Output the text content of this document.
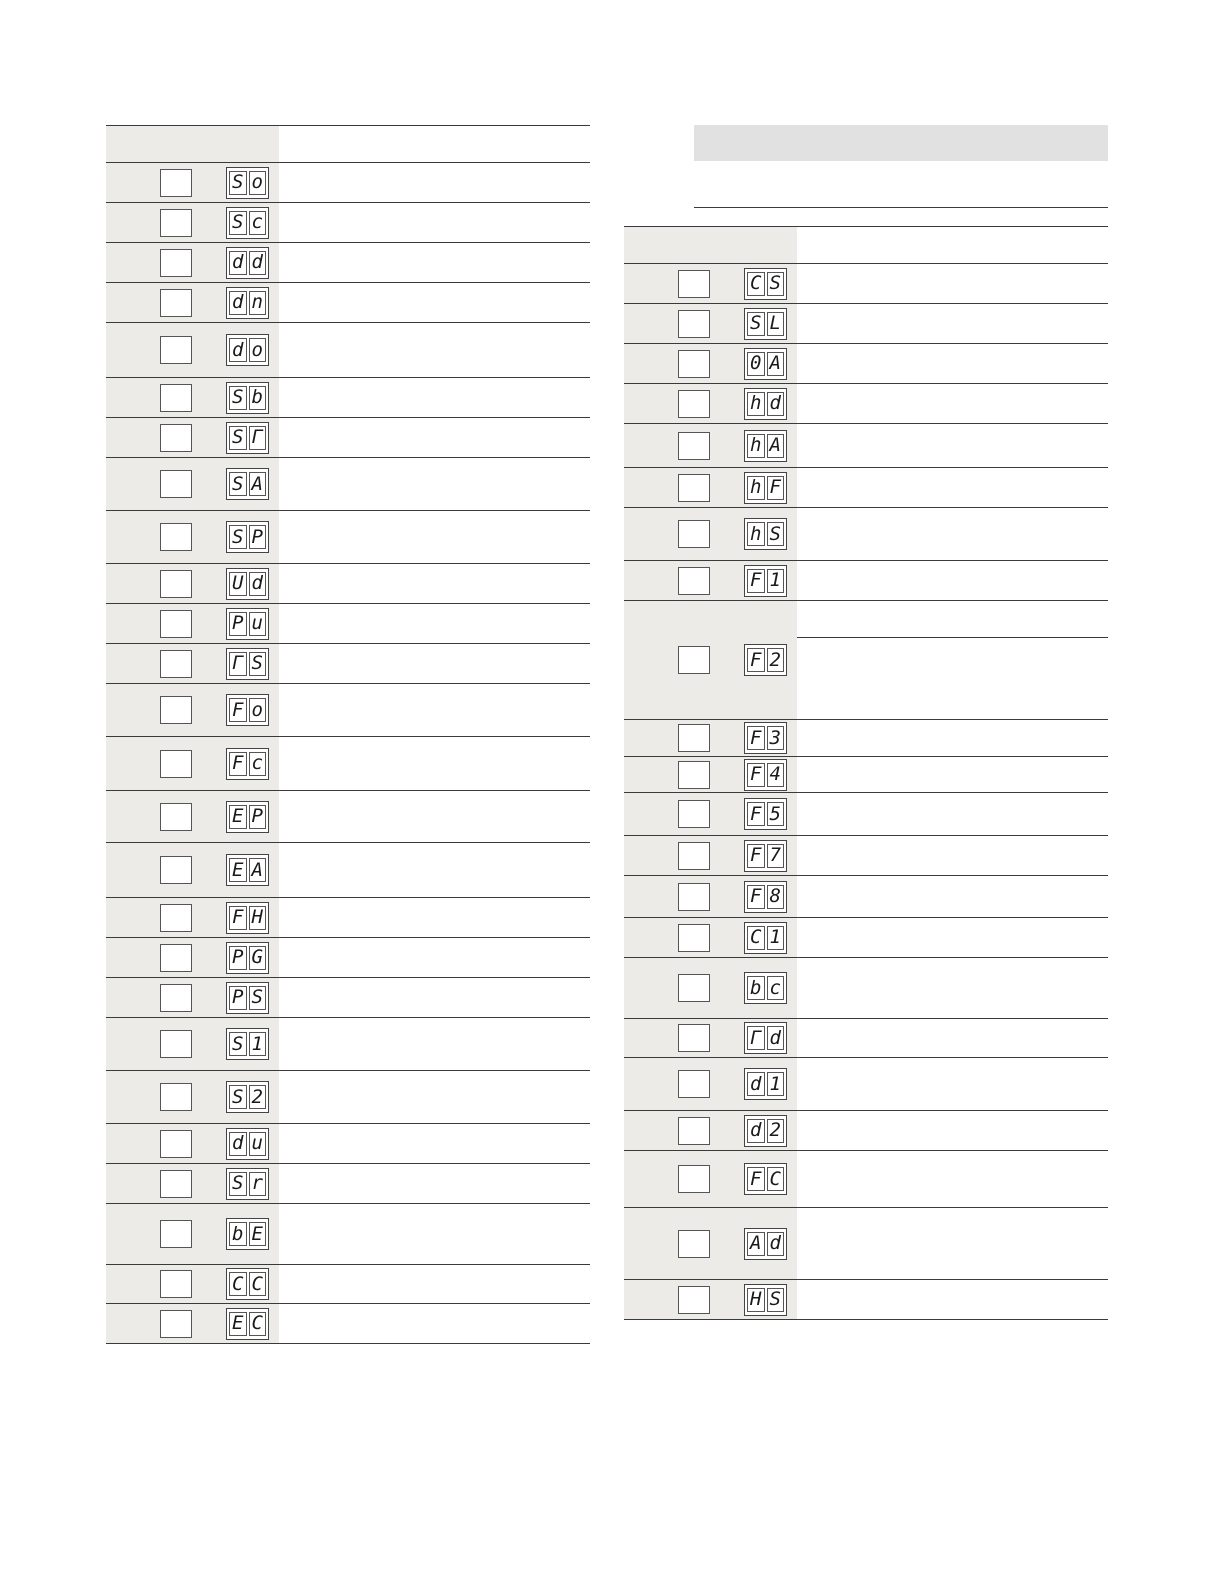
S o
S c
d d
d n
d o
S b
S Γ
S A
S P
U d
P u
Γ S
F o
F c
E P
E A
F H
P G
P S
S 1
S 2
d u
S r
b E
C C
E C
C S
S L
0 A
h d
h A
h F
h S
F 1
F 2
F 3
F 4
F 5
F 7
F 8
C 1
b c
Γ d
d 1
d 2
F C
A d
H S
